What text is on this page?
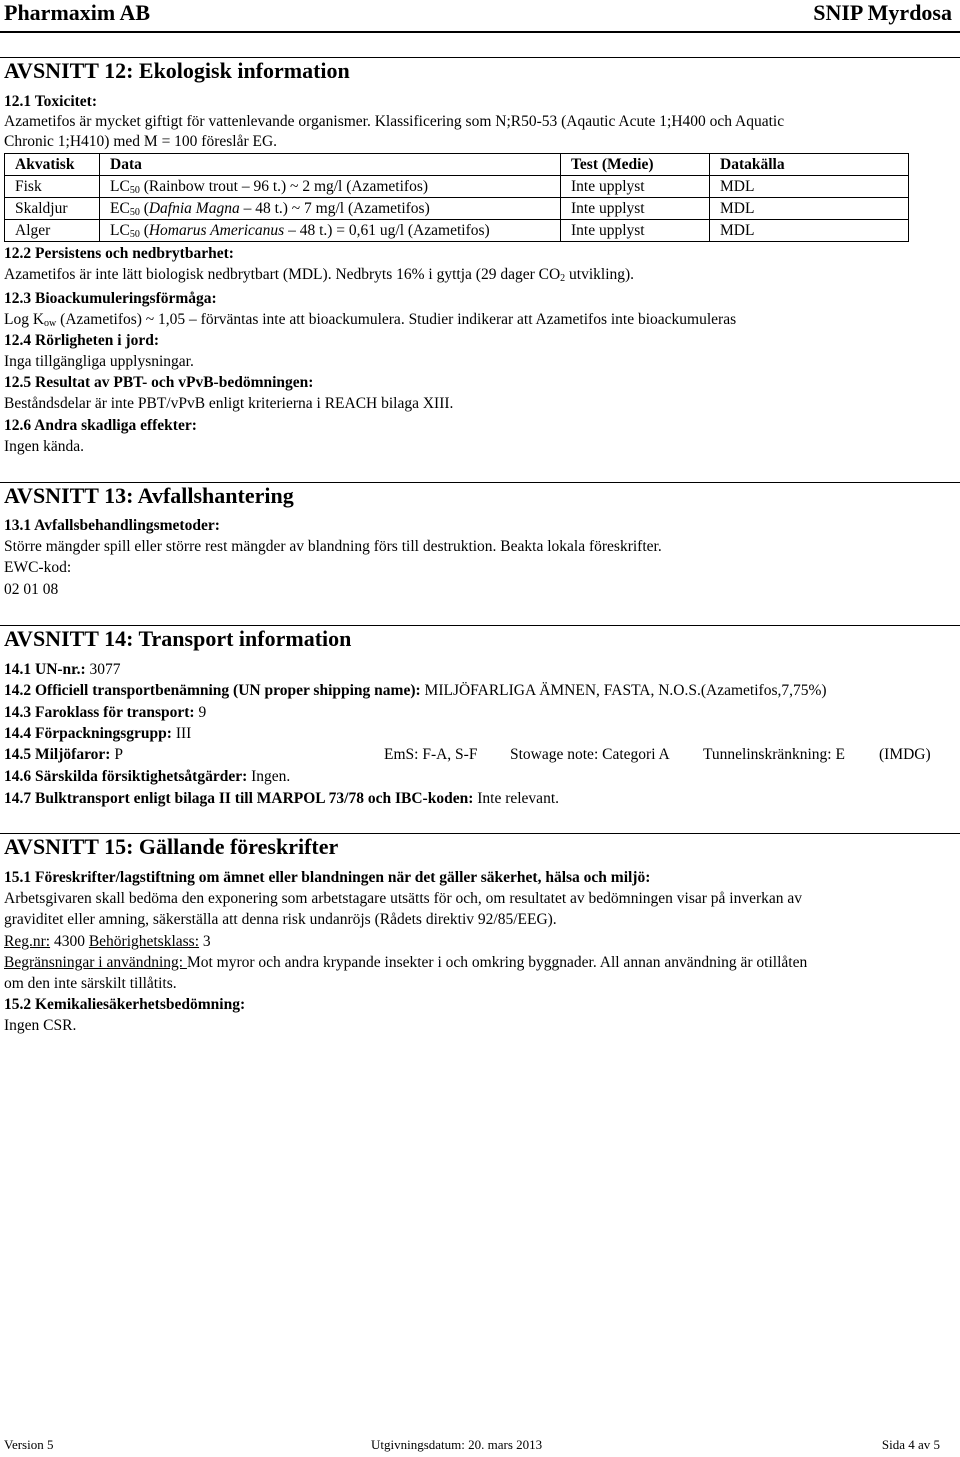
Pharmaxim AB	SNIP Myrdosa
AVSNITT 12: Ekologisk information
12.1 Toxicitet:
Azametifos är mycket giftigt för vattenlevande organismer. Klassificering som N;R50-53 (Aqautic Acute 1;H400 och Aquatic
Chronic 1;H410) med M = 100 föreslår EG.
Akvatisk	Data	Test (Medie)	Datakälla
Fisk	$LC_{50}$ (Rainbow trout – 96 t.) ~ 2 mg/l (Azametifos)	Inte upplyst	MDL
Skaldjur	$EC_{50}$ (Dafnia Magna – 48 t.) ~ 7 mg/l (Azametifos)	Inte upplyst	MDL
Alger	$LC_{50}$ (Homarus Americanus – 48 t.) = 0,61 ug/l (Azametifos)	Inte upplyst	MDL
12.2 Persistens och nedbrytbarhet:
Azametifos är inte lätt biologisk nedbrytbart (MDL). Nedbryts 16% i gyttja (29 dager $CO_2$ utvikling).
12.3 Bioackumuleringsförmåga:
Log $K_{ow}$ (Azametifos) ~ 1,05 – förväntas inte att bioackumulera. Studier indikerar att Azametifos inte bioackumuleras
12.4 Rörligheten i jord:
Inga tillgängliga upplysningar.
12.5 Resultat av PBT- och vPvB-bedömningen:
Beståndsdelar är inte PBT/vPvB enligt kriterierna i REACH bilaga XIII.
12.6 Andra skadliga effekter:
Ingen kända.
AVSNITT 13: Avfallshantering
13.1 Avfallsbehandlingsmetoder:
Större mängder spill eller större rest mängder av blandning förs till destruktion. Beakta lokala föreskrifter.
EWC-kod:
02 01 08
AVSNITT 14: Transport information
14.1 UN-nr.: 3077
14.2 Officiell transportbenämning (UN proper shipping name): MILJÖFARLIGA ÄMNEN, FASTA, N.O.S.(Azametifos,7,75%)
14.3 Faroklass för transport: 9
14.4 Förpackningsgrupp: III
14.5 Miljöfaror: P	EmS: F-A, S-F Stowage note: Categori A Tunnelinskränkning: E (IMDG)
14.6 Särskilda försiktighetsåtgärder: Ingen.
14.7 Bulktransport enligt bilaga II till MARPOL 73/78 och IBC-koden: Inte relevant.
AVSNITT 15: Gällande föreskrifter
15.1 Föreskrifter/lagstiftning om ämnet eller blandningen när det gäller säkerhet, hälsa och miljö:
Arbetsgivaren skall bedöma den exponering som arbetstagare utsätts för och, om resultatet av bedömningen visar på inverkan av
graviditet eller amning, säkerställa att denna risk undanröjs (Rådets direktiv 92/85/EEG).
Reg.nr: 4300 Behörighetsklass: 3
Begränsningar i användning: Mot myror och andra krypande insekter i och omkring byggnader. All annan användning är otillåten
om den inte särskilt tillåtits.
15.2 Kemikaliesäkerhetsbedömning:
Ingen CSR.
Version 5	Utgivningsdatum: 20. mars 2013	Sida 4 av 5
